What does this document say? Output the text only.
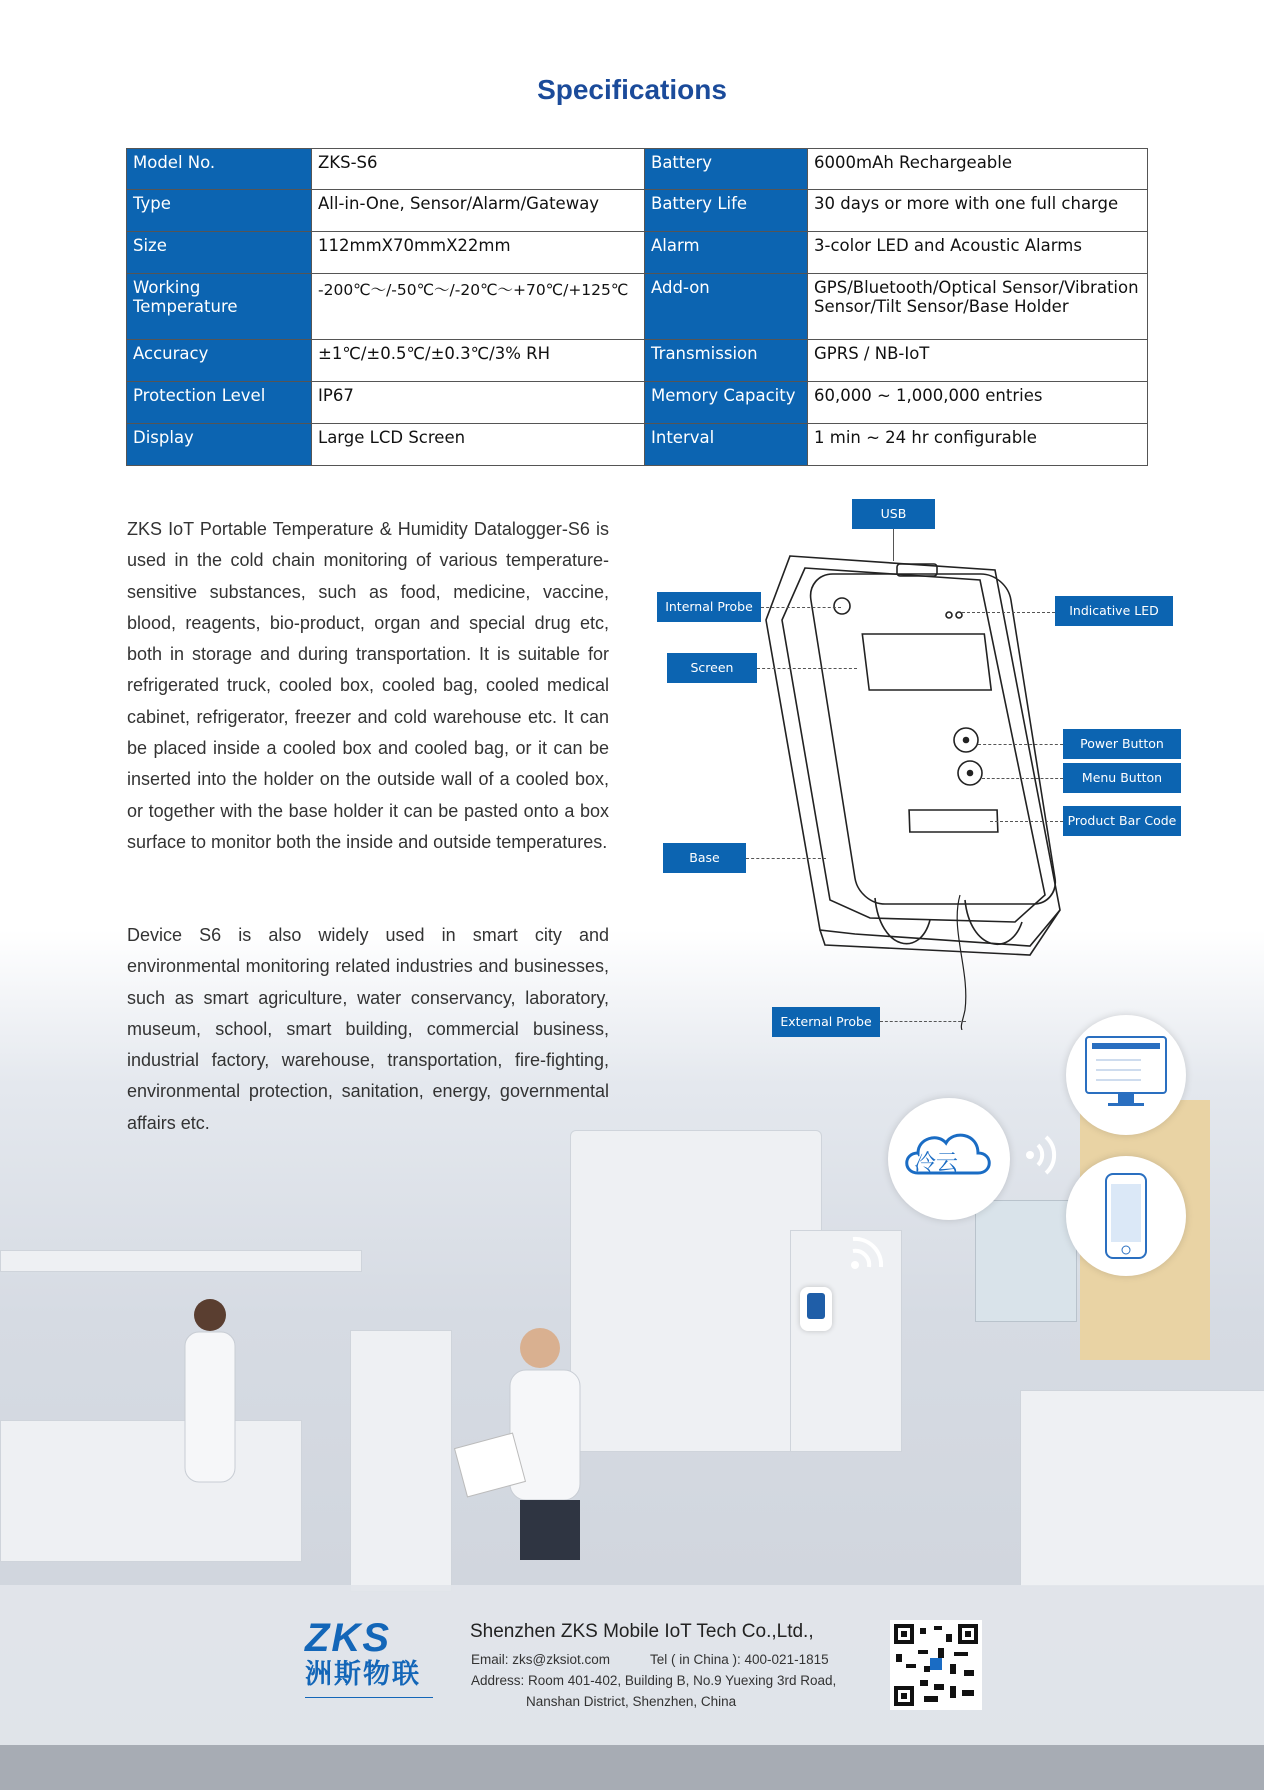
Specifications
Model No.	ZKS-S6	Battery	6000mAh Rechargeable
Type	All-in-One, Sensor/Alarm/Gateway	Battery Life	30 days or more with one full charge
Size	112mmX70mmX22mm	Alarm	3-color LED and Acoustic Alarms
Working Temperature	-200℃～/-50℃～/-20℃～+70℃/+125℃	Add-on	GPS/Bluetooth/Optical Sensor/Vibration Sensor/Tilt Sensor/Base Holder
Accuracy	±1℃/±0.5℃/±0.3℃/3% RH	Transmission	GPRS / NB-IoT
Protection Level	IP67	Memory Capacity	60,000 ~ 1,000,000 entries
Display	Large LCD Screen	Interval	1 min ~ 24 hr configurable
ZKS IoT Portable Temperature & Humidity Datalogger-S6 is used in the cold chain monitoring of various temperature-sensitive substances, such as food, medicine, vaccine, blood, reagents, bio-product, organ and special drug etc, both in storage and during transportation. It is suitable for refrigerated truck, cooled box, cooled bag, cooled medical cabinet, refrigerator, freezer and cold warehouse etc. It can be placed inside a cooled box and cooled bag, or it can be inserted into the holder on the outside wall of a cooled box, or together with the base holder it can be pasted onto a box surface to monitor both the inside and outside temperatures.
Device S6 is also widely used in smart city and environmental monitoring related industries and businesses, such as smart agriculture, water conservancy, laboratory, museum, school, smart building, commercial business, industrial factory, warehouse, transportation, fire-fighting, environmental protection, sanitation, energy, governmental affairs etc.
USB
Internal Probe	Indicative LED
Screen
Power Button
Menu Button
Product Bar Code
Base
External Probe
冷云
ZKS
洲斯物联
Shenzhen ZKS Mobile IoT Tech Co.,Ltd.,
Email: zks@zksiot.com	Tel ( in China ): 400-021-1815
Address: Room 401-402, Building B, No.9 Yuexing 3rd Road,
Nanshan District, Shenzhen, China
